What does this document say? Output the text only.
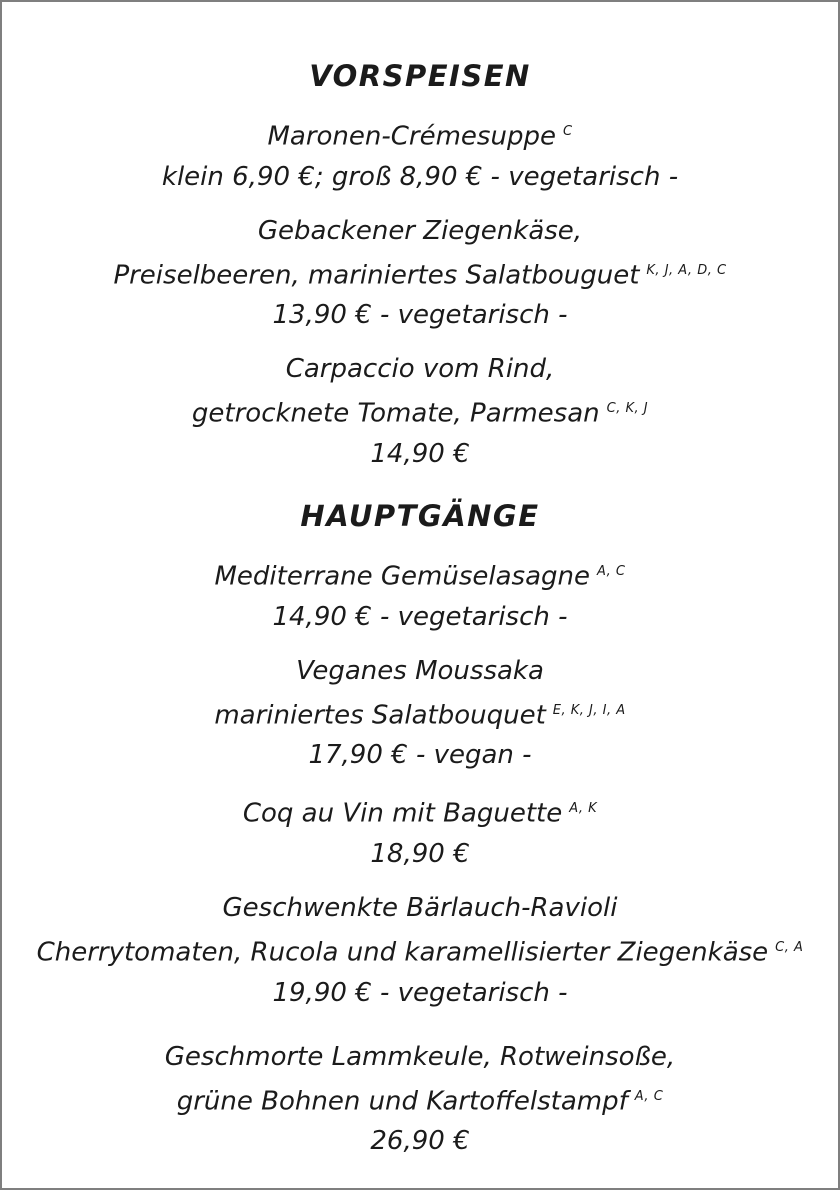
VORSPEISEN
Maronen-Crémesuppe $^C$
klein 6,90 €; groß 8,90 € - vegetarisch -
Gebackener Ziegenkäse,
Preiselbeeren, mariniertes Salatbouguet $^{K, J, A, D, C}$
13,90 € - vegetarisch -
Carpaccio vom Rind,
getrocknete Tomate, Parmesan $^{C, K, J}$
14,90 €
HAUPTGÄNGE
Mediterrane Gemüselasagne $^{A, C}$
14,90 € - vegetarisch -
Veganes Moussaka
mariniertes Salatbouquet $^{E, K, J, I, A}$
17,90 € - vegan -
Coq au Vin mit Baguette $^{A, K}$
18,90 €
Geschwenkte Bärlauch-Ravioli
Cherrytomaten, Rucola und karamellisierter Ziegenkäse $^{C, A}$
19,90 € - vegetarisch -
Geschmorte Lammkeule, Rotweinsoße,
grüne Bohnen und Kartoffelstampf $^{A, C}$
26,90 €
